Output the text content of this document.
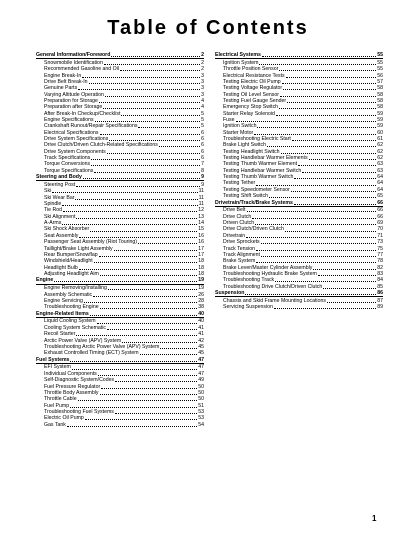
Table of Contents
General Information/Foreword	2
Snowmobile Identification	2
Recommended Gasoline and Oil	2
Engine Break-In	3
Drive Belt Break-In	3
Genuine Parts	3
Varying Altitude Operation	3
Preparation for Storage	4
Preparation after Storage	4
After Break-In Checkup/Checklist	5
Engine Specifications	5
Crankshaft Runout/Repair Specifications	5
Electrical Specifications	6
Drive System Specifications	6
Drive Clutch/Driven Clutch-Related Specifications	6
Drive System Components	6
Track Specifications	6
Torque Conversions	7
Torque Specifications	8
Steering and Body	9
Steering Post	9
Ski	11
Ski Wear Bar	11
Spindle	11
Tie Rod	12
Ski Alignment	13
A-Arms	14
Ski Shock Absorber	15
Seat Assembly	16
Passenger Seat Assembly (Riot Touring)	16
Taillight/Brake Light Assembly	17
Rear Bumper/Snowflap	17
Windshield/Headlight	18
Headlight Bulb	18
Adjusting Headlight Aim	18
Engine	19
Engine Removing/Installing	19
Assembly Schematic	26
Engine Servicing	28
Troubleshooting Engine	38
Engine-Related Items	40
Liquid Cooling System	40
Cooling System Schematic	41
Recoil Starter	41
Arctic Power Valve (APV) System	42
Troubleshooting Arctic Power Valve (APV) System	45
Exhaust Controlled Timing (ECT) System	45
Fuel Systems	47
EFI System	47
Individual Components	47
Self-Diagnostic System/Codes	49
Fuel Pressure Regulator	50
Throttle Body Assembly	50
Throttle Cable	50
Fuel Pump	51
Troubleshooting Fuel Systems	53
Electric Oil Pump	53
Gas Tank	54
Electrical Systems	55
Ignition System	55
Throttle Position Sensor	55
Electrical Resistance Tests	56
Testing Electric Oil Pump	57
Testing Voltage Regulator	58
Testing Oil Level Sensor	58
Testing Fuel Gauge Sender	58
Emergency Stop Switch	58
Starter Relay Solenoid	59
Fuse	59
Ignition Switch	59
Starter Motor	60
Troubleshooting Electric Start	61
Brake Light Switch	62
Testing Headlight Switch	62
Testing Handlebar Warmer Elements	62
Testing Thumb Warmer Element	63
Testing Handlebar Warmer Switch	63
Testing Thumb Warmer Switch	64
Testing Tether	64
Testing Speedometer Sensor	64
Testing Shift Switch	65
Drivetrain/Track/Brake Systems	66
Drive Belt	66
Drive Clutch	66
Driven Clutch	69
Drive Clutch/Driven Clutch	70
Drivetrain	71
Drive Sprockets	73
Track Tension	75
Track Alignment	77
Brake System	78
Brake Lever/Master Cylinder Assembly	82
Troubleshooting Hydraulic Brake System	83
Troubleshooting Track	84
Troubleshooting Drive Clutch/Driven Clutch	85
Suspension	86
Chassis and Skid Frame Mounting Locations	87
Servicing Suspension	89
1
